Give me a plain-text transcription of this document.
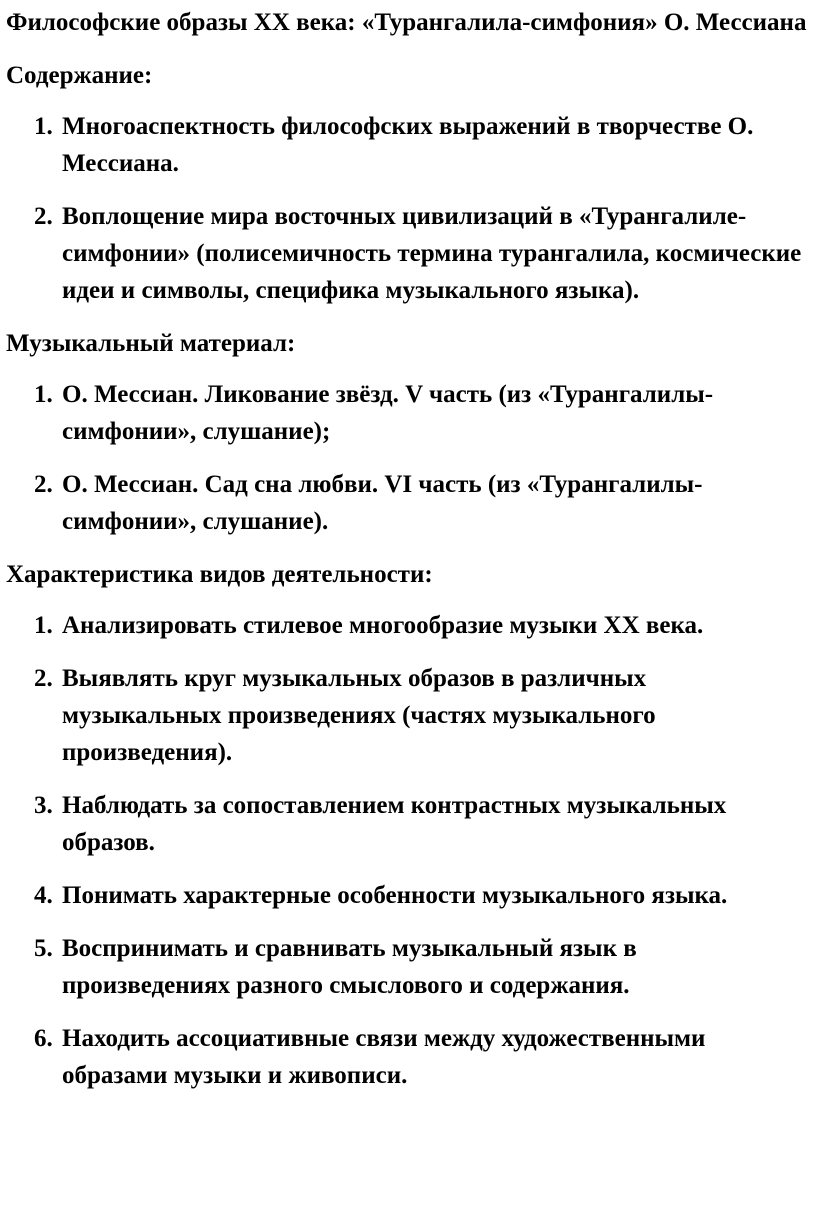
Философские образы XX века: «Турангалила-симфония» О. Мессиана

Содержание:

1. Многоаспектность философских выражений в творчестве О. Мессиана.
2. Воплощение мира восточных цивилизаций в «Турангалиле-симфонии» (полисемичность термина турангалила, космические идеи и символы, специфика музыкального языка).

Музыкальный материал:

1. О. Мессиан. Ликование звёзд. V часть (из «Турангалилы-симфонии», слушание);
2. О. Мессиан. Сад сна любви. VI часть (из «Турангалилы-симфонии», слушание).

Характеристика видов деятельности:

1. Анализировать стилевое многообразие музыки XX века.
2. Выявлять круг музыкальных образов в различных музыкальных произведениях (частях музыкального произведения).
3. Наблюдать за сопоставлением контрастных музыкальных образов.
4. Понимать характерные особенности музыкального языка.
5. Воспринимать и сравнивать музыкальный язык в произведениях разного смыслового и содержания.
6. Находить ассоциативные связи между художественными образами музыки и живописи.
